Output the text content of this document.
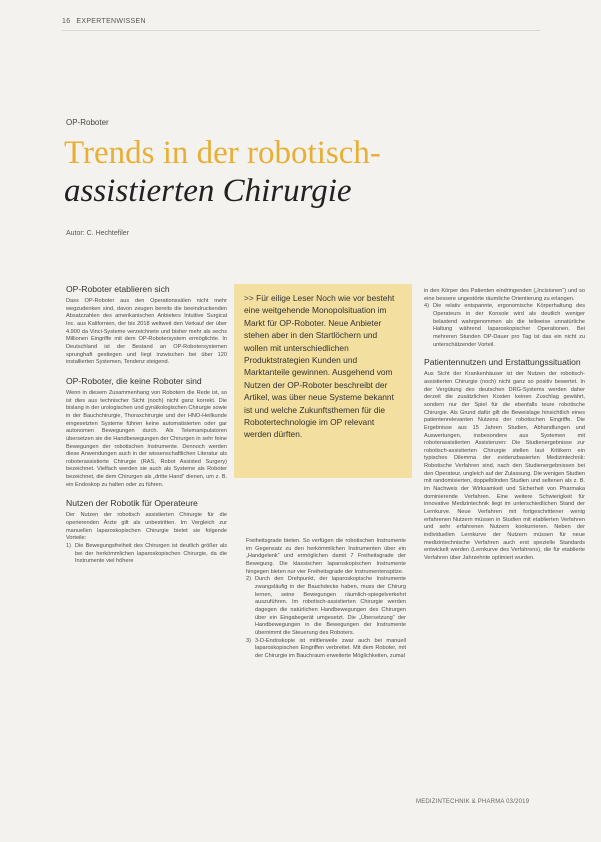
16 EXPERTENWISSEN
OP-Roboter
Trends in der robotisch-
assistierten Chirurgie
Autor: C. Hechtefiler
OP-Roboter etablieren sich

Dass OP-Roboter aus den Operationssälen nicht mehr wegzudenken sind, davon zeugen bereits die beeindruckenden Absatzzahlen des amerikanischen Anbieters Intuitive Surgical Inc. aus Kalifornien, der bis 2018 weltweit den Verkauf der über 4.900 da Vinci-Systeme verzeichnete und bisher mehr als sechs Millionen Eingriffe mit dem OP-Robotersystem ermöglichte. In Deutschland ist der Bestand an OP-Robotersystemen sprunghaft gestiegen und liegt inzwischen bei über 120 installierten Systemen, Tendenz steigend.

OP-Roboter, die keine Roboter sind

Wenn in diesem Zusammenhang von Robotern die Rede ist, so ist dies aus technischer Sicht (noch) nicht ganz korrekt. Die bislang in der urologischen und gynäkologischen Chirurgie sowie in der Bauchchirurgie, Thoraxchirurgie und der HNO-Heilkunde eingesetzten Systeme führen keine automatisierten oder gar autonomen Bewegungen durch. Als Telemanipulatoren übersetzen sie die Handbewegungen der Chirurgen in sehr feine Bewegungen der robotischen Instrumente. Dennoch werden diese Anwendungen auch in der wissenschaftlichen Literatur als roboterassistierte Chirurgie (RAS, Robot Assisted Surgery) bezeichnet. Vielfach werden sie auch als Systeme als Roboter bezeichnet, die dem Chirurgen als „dritte Hand“ dienen, um z. B. ein Endoskop zu halten oder zu führen.

Nutzen der Robotik für Operateure

Der Nutzen der robotisch assistierten Chirurgie für die operierenden Ärzte gilt als unbestritten. Im Vergleich zur manuellen laparoskopischen Chirurgie bietet sie folgende Vorteile:

1) Die Bewegungsfreiheit des Chirurgen ist deutlich größer als bei der herkömmlichen laparoskopischen Chirurgie, da die Instrumente viel höhere
>> Für eilige Leser Noch wie vor besteht eine weitgehende Monopolsituation im Markt für OP-Roboter. Neue Anbieter stehen aber in den Startlöchern und wollen mit unterschiedlichen Produktstrategien Kunden und Marktanteile gewinnen. Ausgehend vom Nutzen der OP-Roboter beschreibt der Artikel, was über neue Systeme bekannt ist und welche Zukunftsthemen für die Robotertechnologie im OP relevant werden dürften.

Freiheitsgrade bieten. So verfügen die robotischen Instrumente im Gegensatz zu den herkömmlichen Instrumenten über ein „Handgelenk“ und ermöglichen damit 7 Freiheitsgrade der Bewegung. Die klassischen laparoskopischen Instrumente hingegen bieten nur vier Freiheitsgrade der Instrumentenspitze.

2) Durch den Drehpunkt, der laparoskopische Instrumente zwangsläufig in der Bauchdecke haben, muss der Chirurg lernen, seine Bewegungen räumlich-spiegelverkehrt auszuführen. Im robotisch-assistierten Chirurgie werden dagegen die natürlichen Handbewegungen des Chirurgen über ein Eingabegerät umgesetzt. Die „Übersetzung“ der Handbewegungen in die Bewegungen der Instrumente übernimmt die Steuerung des Roboters.
3) 3-D-Endoskopie ist mittlerweile zwar auch bei manuell laparoskopischen Eingriffen verbreitet. Mit dem Roboter, mit der Chirurgie im Bauchraum erweiterte Möglichkeiten, zumal

in den Körper des Patienten eindringenden („Incisionen“) und so eine bessere ungestörte räumliche Orientierung zu erlangen.

4) Die relativ entspannte, ergonomische Körperhaltung des Operateurs in der Konsole wird als deutlich weniger belastend wahrgenommen als die teilweise unnatürliche Haltung während laparoskopischer Operationen. Bei mehreren Stunden OP-Dauer pro Tag ist das ein nicht zu unterschätzender Vorteil.
Patientennutzen und Erstattungssituation

Aus Sicht der Krankenhäuser ist der Nutzen der robotisch-assistierten Chirurgie (noch) nicht ganz so positiv bewertet. In der Vergütung des deutschen DRG-Systems werden daher derzeit die zusätzlichen Kosten keinen Zuschlag gewährt, sondern nur der Spiel für die ebenfalls teure robotische Chirurgie. Als Grund dafür gilt die Beweislage hinsichtlich eines patientenrelevanten Nutzens der robotischen Eingriffe. Die Ergebnisse aus 15 Jahren Studien, Abhandlungen und Auswertungen, insbesondere aus Systemen mit roboterassistierten Assistenzen: Die Studienergebnisse zur robotisch-assistierten Chirurgie stellen laut Kritikern ein typisches Dilemma der evidenzbasierten Medizintechnik: Robotische Verfahren sind, nach den Studienergebnissen bei den Operateur, ungleich auf der Zulassung. Die wenigen Studien mit randomisierten, doppelblinden Studien und seltenen als z. B. im Nachweis der Wirksamkeit und Sicherheit von Pharmaka dominierende Verfahren. Eine weitere Schwierigkeit für innovative Medizintechnik liegt im unterschiedlichen Stand der Lernkurve. Neue Verfahren mit fortgeschrittener wenig erfahrenen Nutzern müssen in Studien mit etablierten Verfahren und sehr erfahrenen Nutzern konkurrieren. Neben der individuellen Lernkurve der Nutzern müssen für neue medizintechnische Verfahren auch erst spezielle Standards entwickelt werden (Lernkurve des Verfahrens), die für etablierte Verfahren über Jahrzehnte optimiert wurden.

MEDIZINTECHNIK & PHARMA 03/2019
